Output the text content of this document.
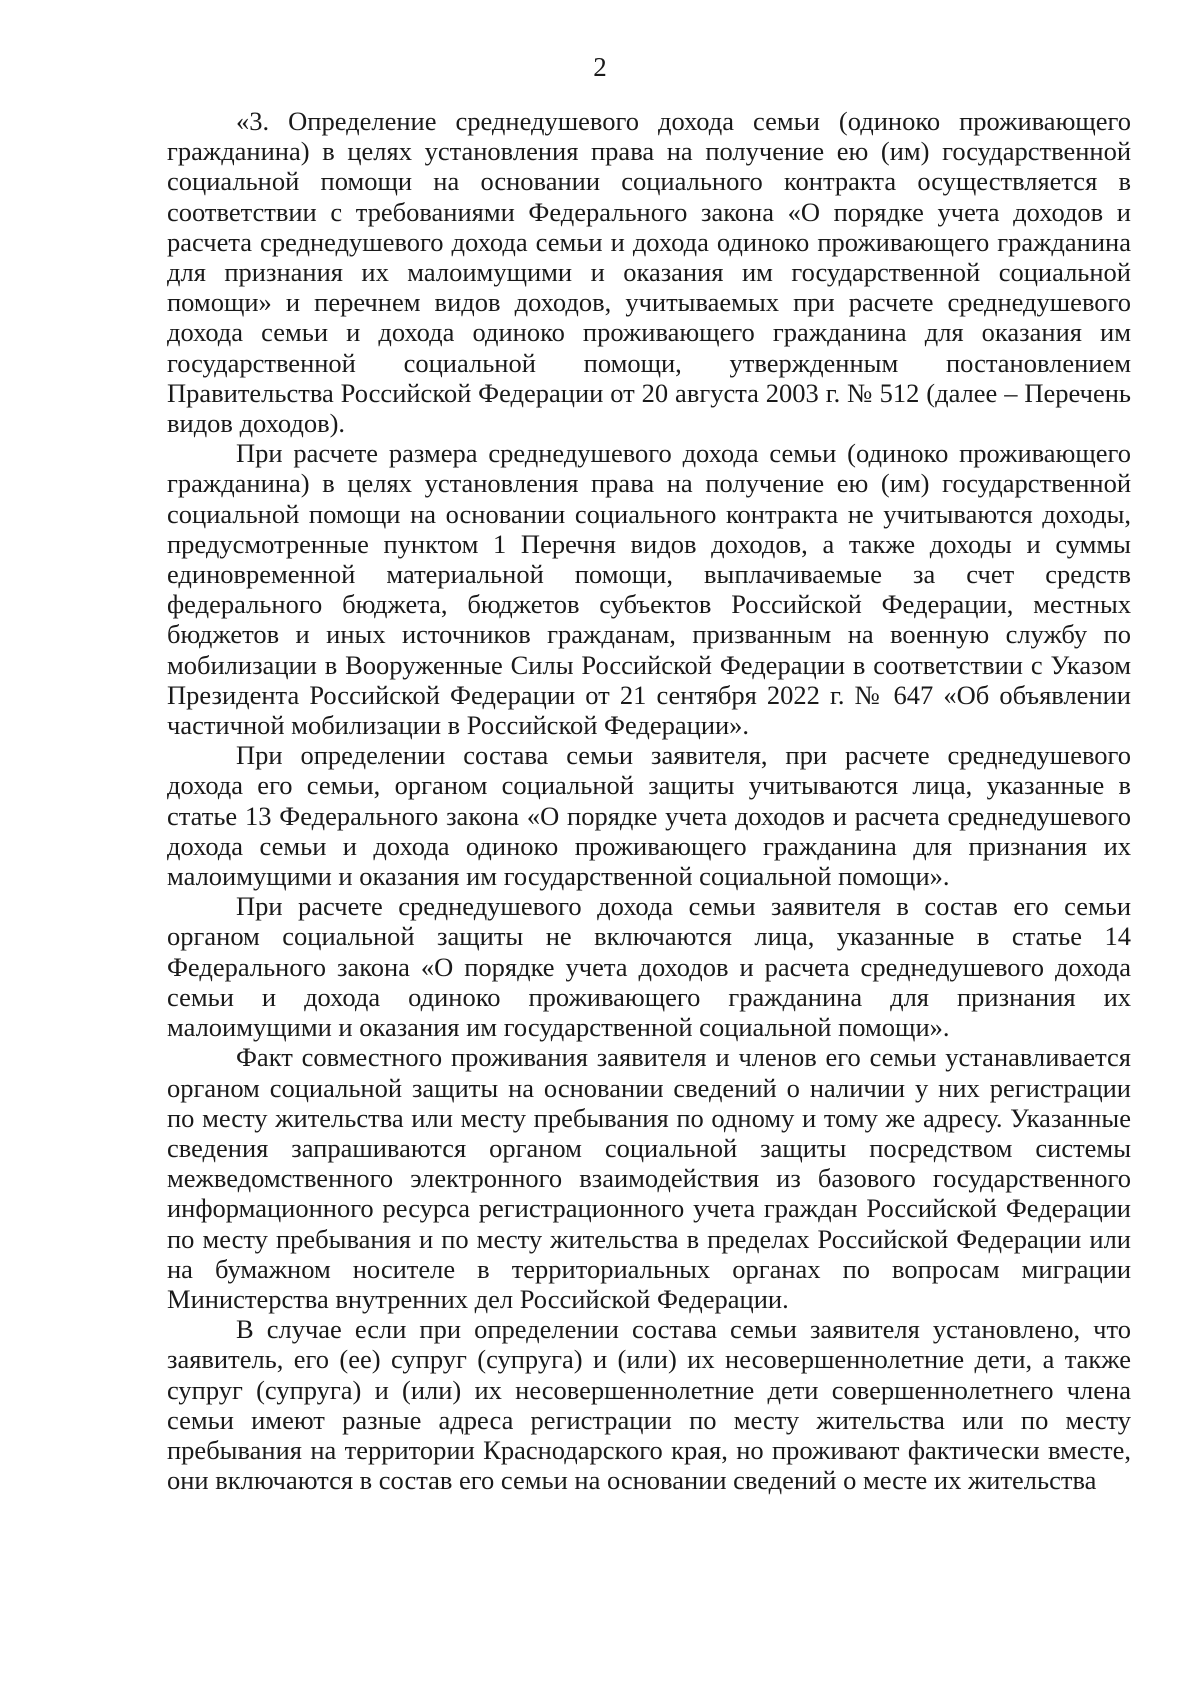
2

«3. Определение среднедушевого дохода семьи (одиноко проживающего гражданина) в целях установления права на получение ею (им) государственной социальной помощи на основании социального контракта осуществляется в соответствии с требованиями Федерального закона «О порядке учета доходов и расчета среднедушевого дохода семьи и дохода одиноко проживающего гражданина для признания их малоимущими и оказания им государственной социальной помощи» и перечнем видов доходов, учитываемых при расчете среднедушевого дохода семьи и дохода одиноко проживающего гражданина для оказания им государственной социальной помощи, утвержденным постановлением Правительства Российской Федерации от 20 августа 2003 г. № 512 (далее – Перечень видов доходов).

При расчете размера среднедушевого дохода семьи (одиноко проживающего гражданина) в целях установления права на получение ею (им) государственной социальной помощи на основании социального контракта не учитываются доходы, предусмотренные пунктом 1 Перечня видов доходов, а также доходы и суммы единовременной материальной помощи, выплачиваемые за счет средств федерального бюджета, бюджетов субъектов Российской Федерации, местных бюджетов и иных источников гражданам, призванным на военную службу по мобилизации в Вооруженные Силы Российской Федерации в соответствии с Указом Президента Российской Федерации от 21 сентября 2022 г. № 647 «Об объявлении частичной мобилизации в Российской Федерации».

При определении состава семьи заявителя, при расчете среднедушевого дохода его семьи, органом социальной защиты учитываются лица, указанные в статье 13 Федерального закона «О порядке учета доходов и расчета среднедушевого дохода семьи и дохода одиноко проживающего гражданина для признания их малоимущими и оказания им государственной социальной помощи».

При расчете среднедушевого дохода семьи заявителя в состав его семьи органом социальной защиты не включаются лица, указанные в статье 14 Федерального закона «О порядке учета доходов и расчета среднедушевого дохода семьи и дохода одиноко проживающего гражданина для признания их малоимущими и оказания им государственной социальной помощи».

Факт совместного проживания заявителя и членов его семьи устанавливается органом социальной защиты на основании сведений о наличии у них регистрации по месту жительства или месту пребывания по одному и тому же адресу. Указанные сведения запрашиваются органом социальной защиты посредством системы межведомственного электронного взаимодействия из базового государственного информационного ресурса регистрационного учета граждан Российской Федерации по месту пребывания и по месту жительства в пределах Российской Федерации или на бумажном носителе в территориальных органах по вопросам миграции Министерства внутренних дел Российской Федерации.

В случае если при определении состава семьи заявителя установлено, что заявитель, его (ее) супруг (супруга) и (или) их несовершеннолетние дети, а также супруг (супруга) и (или) их несовершеннолетние дети совершеннолетнего члена семьи имеют разные адреса регистрации по месту жительства или по месту пребывания на территории Краснодарского края, но проживают фактически вместе, они включаются в состав его семьи на основании сведений о месте их жительства
